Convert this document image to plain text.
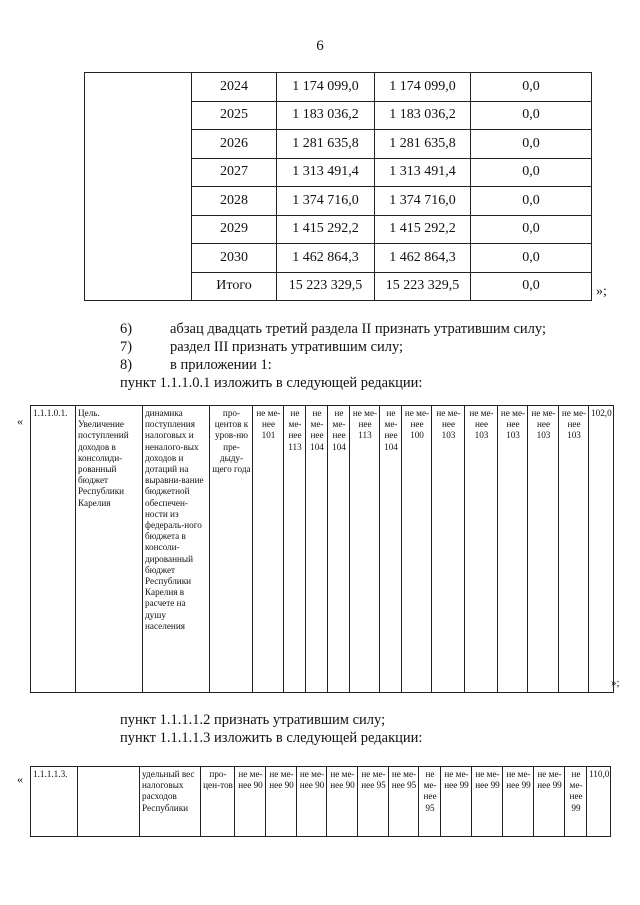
6
	2024	1 174 099,0	1 174 099,0	0,0
	2025	1 183 036,2	1 183 036,2	0,0
	2026	1 281 635,8	1 281 635,8	0,0
	2027	1 313 491,4	1 313 491,4	0,0
	2028	1 374 716,0	1 374 716,0	0,0
	2029	1 415 292,2	1 415 292,2	0,0
	2030	1 462 864,3	1 462 864,3	0,0
	Итого	15 223 329,5	15 223 329,5	0,0	»;
6)	абзац двадцать третий раздела II признать утратившим силу;
7)	раздел III признать утратившим силу;
8)	в приложении 1:
пункт 1.1.1.0.1 изложить в следующей редакции:
«
1.1.1.0.1.	Цель. Увеличение поступлений доходов в консолиди-рованный бюджет Республики Карелия	динамика поступления налоговых и неналого-вых доходов и дотаций на выравни-вание бюджетной обеспечен-ности из федераль-ного бюджета в консоли-дированный бюджет Республики Карелия в расчете на душу населения	про-центов к уров-ню пре-дыду-щего года	не ме-нее 101	не ме-нее 113	не ме-нее 104	не ме-нее 104	не ме-нее 113	не ме-нее 104	не ме-нее 100	не ме-нее 103	не ме-нее 103	не ме-нее 103	не ме-нее 103	не ме-нее 103	102,0
»;
пункт 1.1.1.1.2 признать утратившим силу;
пункт 1.1.1.1.3 изложить в следующей редакции:
« 1.1.1.1.3.		удельный вес налоговых расходов Республики	про-цен-тов	не ме-нее 90	не ме-нее 90	не ме-нее 90	не ме-нее 90	не ме-нее 95	не ме-нее 95	не ме-нее 95	не ме-нее 99	не ме-нее 99	не ме-нее 99	не ме-нее 99	не ме-нее 99	110,0
